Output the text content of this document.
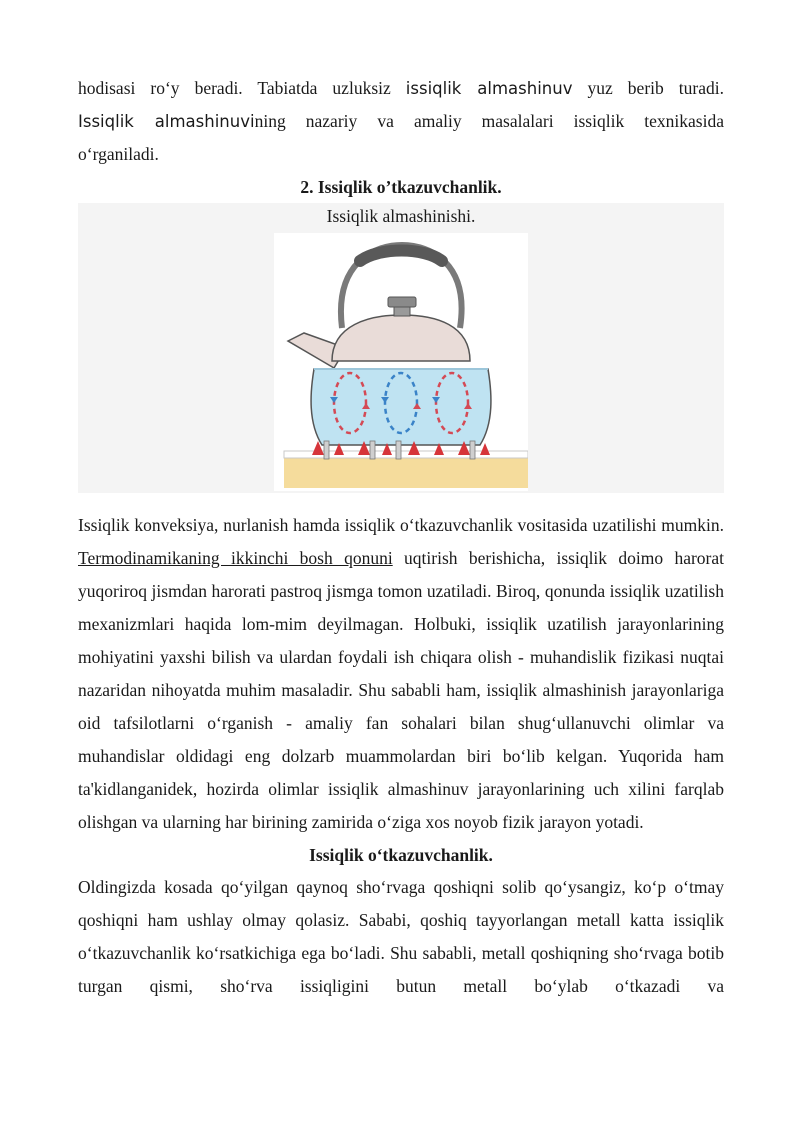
hodisasi ro‘y beradi. Tabiatda uzluksiz issiqlik almashinuv yuz berib turadi.

Issiqlik almashinuvining nazariy va amaliy masalalari issiqlik texnikasida

o‘rganiladi.

2. Issiqlik o’tkazuvchanlik.
Issiqlik almashinishi.

Issiqlik konveksiya, nurlanish hamda issiqlik o‘tkazuvchanlik vositasida uzatilishi mumkin. Termodinamikaning ikkinchi bosh qonuni uqtirish berishicha, issiqlik doimo harorat yuqoriroq jismdan harorati pastroq jismga tomon uzatiladi. Biroq, qonunda issiqlik uzatilish mexanizmlari haqida lom-mim deyilmagan. Holbuki, issiqlik uzatilish jarayonlarining mohiyatini yaxshi bilish va ulardan foydali ish chiqara olish - muhandislik fizikasi nuqtai nazaridan nihoyatda muhim masaladir. Shu sababli ham, issiqlik almashinish jarayonlariga oid tafsilotlarni o‘rganish - amaliy fan sohalari bilan shug‘ullanuvchi olimlar va muhandislar oldidagi eng dolzarb muammolardan biri bo‘lib kelgan. Yuqorida ham ta'kidlanganidek, hozirda olimlar issiqlik almashinuv jarayonlarining uch xilini farqlab olishgan va ularning har birining zamirida o‘ziga xos noyob fizik jarayon yotadi.

Issiqlik o‘tkazuvchanlik.

Oldingizda kosada qo‘yilgan qaynoq sho‘rvaga qoshiqni solib qo‘ysangiz, ko‘p o‘tmay qoshiqni ham ushlay olmay qolasiz. Sababi, qoshiq tayyorlangan metall katta issiqlik o‘tkazuvchanlik ko‘rsatkichiga ega bo‘ladi. Shu sababli, metall qoshiqning sho‘rvaga botib turgan qismi, sho‘rva issiqligini butun metall bo‘ylab o‘tkazadi va
